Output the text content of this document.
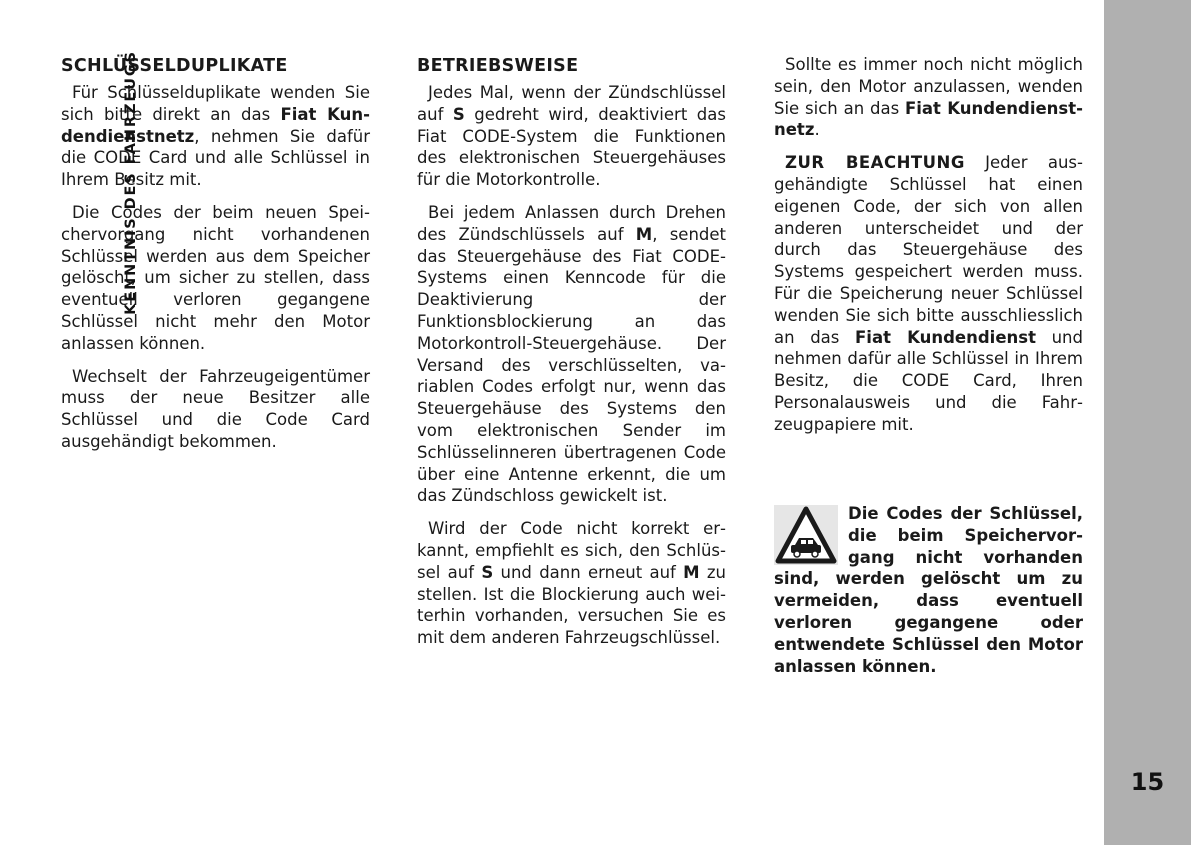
SCHLÜSSELDUPLIKATE

Für Schlüsselduplikate wenden Sie sich bitte direkt an das Fiat Kundendienstnetz, nehmen Sie dafür die CODE Card und alle Schlüssel in Ihrem Besitz mit.

Die Codes der beim neuen Speichervorgang nicht vorhandenen Schlüssel werden aus dem Speicher gelöscht, um sicher zu stellen, dass eventuell verloren gegangene Schlüssel nicht mehr den Motor anlassen können.

Wechselt der Fahrzeugeigentümer muss der neue Besitzer alle Schlüssel und die Code Card ausgehändigt bekommen.

BETRIEBSWEISE

Jedes Mal, wenn der Zündschlüssel auf S gedreht wird, deaktiviert das Fiat CODE-System die Funktionen des elektronischen Steuergehäuses für die Motorkontrolle.

Bei jedem Anlassen durch Drehen des Zündschlüssels auf M, sendet das Steuergehäuse des Fiat CODE-Systems einen Kenncode für die Deaktivierung der Funktionsblockierung an das Motorkontroll-Steuergehäuse. Der Versand des verschlüsselten, variablen Codes erfolgt nur, wenn das Steuergehäuse des Systems den vom elektronischen Sender im Schlüsselinneren übertragenen Code über eine Antenne erkennt, die um das Zündschloss gewickelt ist.

Wird der Code nicht korrekt erkannt, empfiehlt es sich, den Schlüssel auf S und dann erneut auf M zu stellen. Ist die Blockierung auch weiterhin vorhanden, versuchen Sie es mit dem anderen Fahrzeugschlüssel.

Sollte es immer noch nicht möglich sein, den Motor anzulassen, wenden Sie sich an das Fiat Kundendienstnetz.

ZUR BEACHTUNG Jeder ausgehändigte Schlüssel hat einen eigenen Code, der sich von allen anderen unterscheidet und der durch das Steuergehäuse des Systems gespeichert werden muss. Für die Speicherung neuer Schlüssel wenden Sie sich bitte ausschliesslich an das Fiat Kundendienst und nehmen dafür alle Schlüssel in Ihrem Besitz, die CODE Card, Ihren Personalausweis und die Fahrzeugpapiere mit.

Die Codes der Schlüssel, die beim Speichervorgang nicht vorhanden sind, werden gelöscht um zu vermeiden, dass eventuell verloren gegangene oder entwendete Schlüssel den Motor anlassen können.
KENNTNIS DES FAHRZEUGS
15
